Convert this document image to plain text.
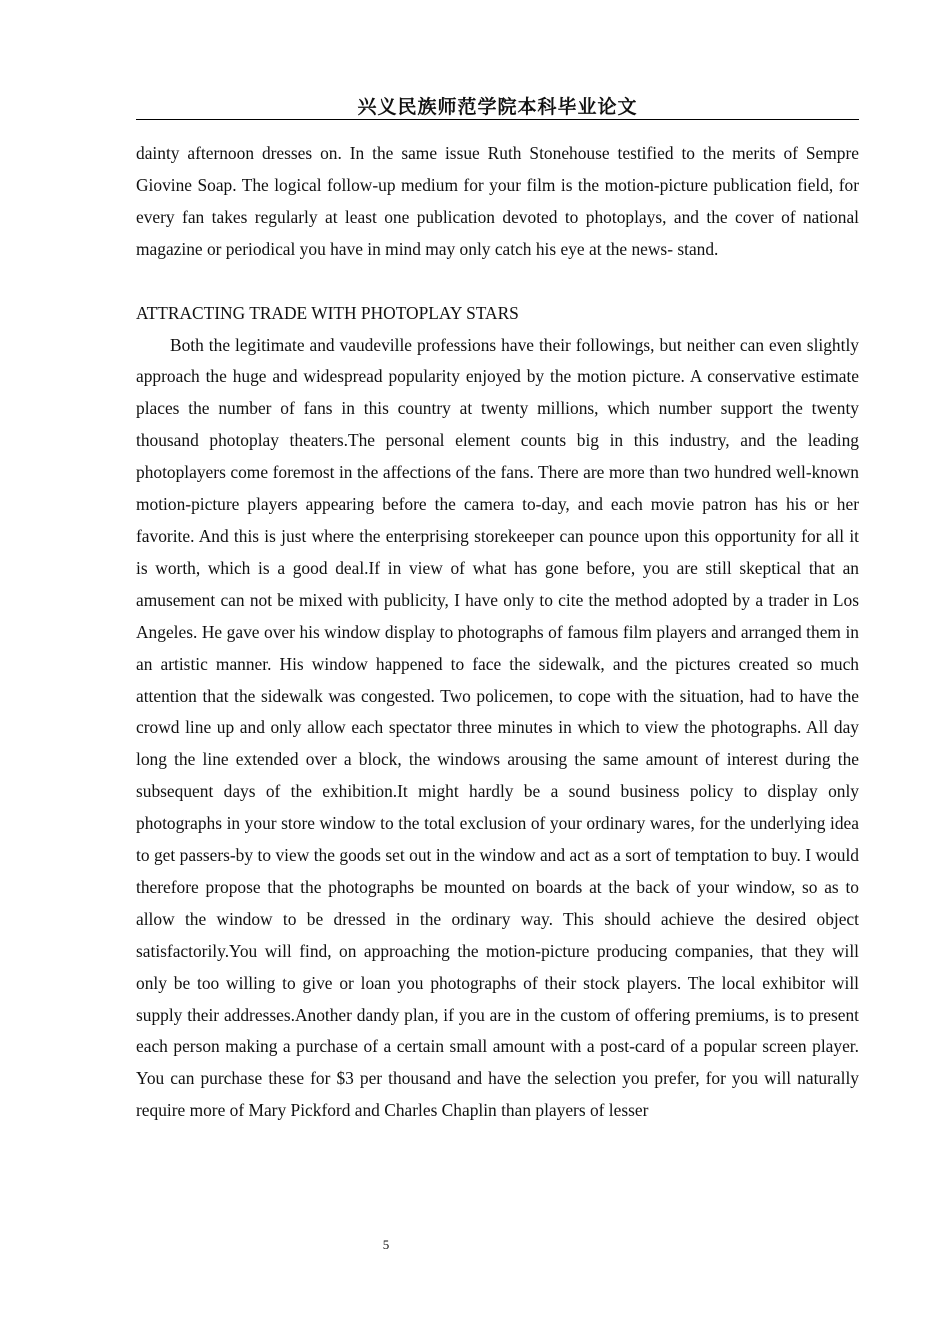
兴义民族师范学院本科毕业论文

dainty afternoon dresses on. In the same issue Ruth Stonehouse testified to the merits of Sempre Giovine Soap. The logical follow-up medium for your film is the motion-picture publication field, for every fan takes regularly at least one publication devoted to photoplays, and the cover of national magazine or periodical you have in mind may only catch his eye at the news- stand.

ATTRACTING TRADE WITH PHOTOPLAY STARS

Both the legitimate and vaudeville professions have their followings, but neither can even slightly approach the huge and widespread popularity enjoyed by the motion picture. A conservative estimate places the number of fans in this country at twenty millions, which number support the twenty thousand photoplay theaters.The personal element counts big in this industry, and the leading photoplayers come foremost in the affections of the fans. There are more than two hundred well-known motion-picture players appearing before the camera to-day, and each movie patron has his or her favorite. And this is just where the enterprising storekeeper can pounce upon this opportunity for all it is worth, which is a good deal.If in view of what has gone before, you are still skeptical that an amusement can not be mixed with publicity, I have only to cite the method adopted by a trader in Los Angeles. He gave over his window display to photographs of famous film players and arranged them in an artistic manner. His window happened to face the sidewalk, and the pictures created so much attention that the sidewalk was congested. Two policemen, to cope with the situation, had to have the crowd line up and only allow each spectator three minutes in which to view the photographs. All day long the line extended over a block, the windows arousing the same amount of interest during the subsequent days of the exhibition.It might hardly be a sound business policy to display only photographs in your store window to the total exclusion of your ordinary wares, for the underlying idea to get passers-by to view the goods set out in the window and act as a sort of temptation to buy. I would therefore propose that the photographs be mounted on boards at the back of your window, so as to allow the window to be dressed in the ordinary way. This should achieve the desired object satisfactorily.You will find, on approaching the motion-picture producing companies, that they will only be too willing to give or loan you photographs of their stock players. The local exhibitor will supply their addresses.Another dandy plan, if you are in the custom of offering premiums, is to present each person making a purchase of a certain small amount with a post-card of a popular screen player. You can purchase these for $3 per thousand and have the selection you prefer, for you will naturally require more of Mary Pickford and Charles Chaplin than players of lesser

5
